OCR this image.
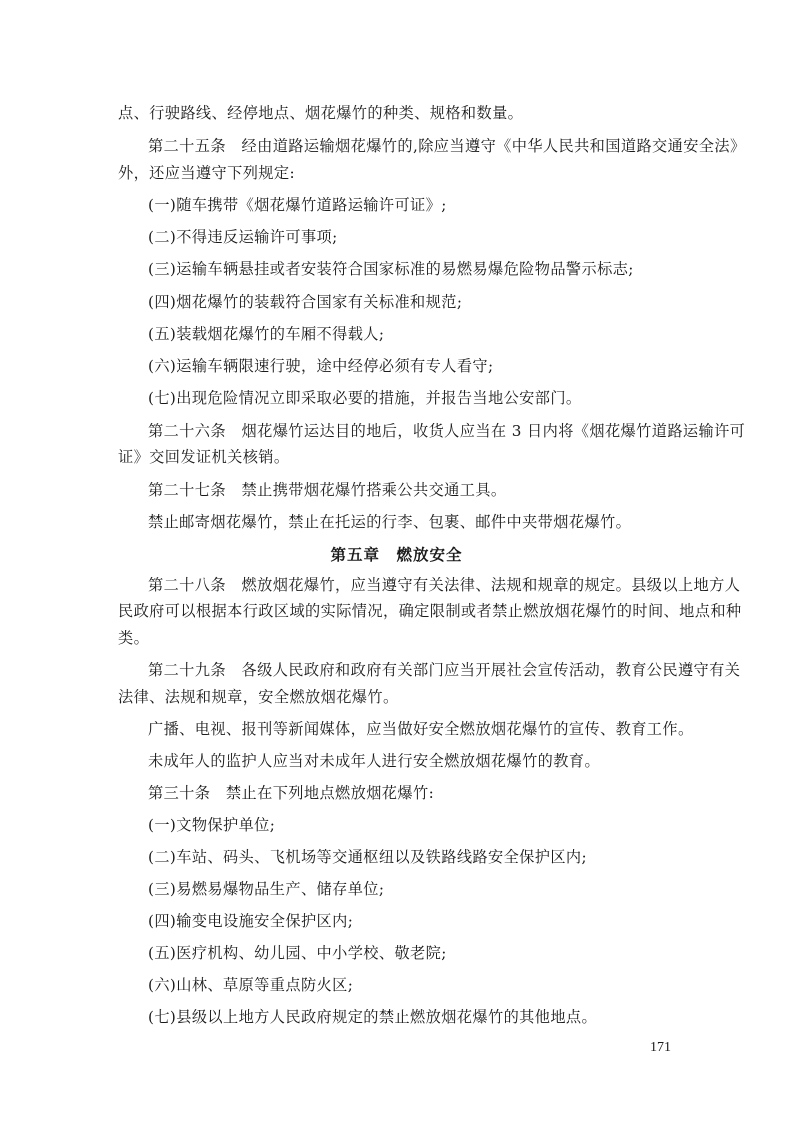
点、行驶路线、经停地点、烟花爆竹的种类、规格和数量。
第二十五条　经由道路运输烟花爆竹的,除应当遵守《中华人民共和国道路交通安全法》
外，还应当遵守下列规定:
(一)随车携带《烟花爆竹道路运输许可证》;
(二)不得违反运输许可事项;
(三)运输车辆悬挂或者安装符合国家标准的易燃易爆危险物品警示标志;
(四)烟花爆竹的装载符合国家有关标准和规范;
(五)装载烟花爆竹的车厢不得载人;
(六)运输车辆限速行驶，途中经停必须有专人看守;
(七)出现危险情况立即采取必要的措施，并报告当地公安部门。
第二十六条　烟花爆竹运达目的地后，收货人应当在 3 日内将《烟花爆竹道路运输许可
证》交回发证机关核销。
第二十七条　禁止携带烟花爆竹搭乘公共交通工具。
禁止邮寄烟花爆竹，禁止在托运的行李、包裹、邮件中夹带烟花爆竹。
第五章　燃放安全
第二十八条　燃放烟花爆竹，应当遵守有关法律、法规和规章的规定。县级以上地方人
民政府可以根据本行政区域的实际情况，确定限制或者禁止燃放烟花爆竹的时间、地点和种
类。
第二十九条　各级人民政府和政府有关部门应当开展社会宣传活动，教育公民遵守有关
法律、法规和规章，安全燃放烟花爆竹。
广播、电视、报刊等新闻媒体，应当做好安全燃放烟花爆竹的宣传、教育工作。
未成年人的监护人应当对未成年人进行安全燃放烟花爆竹的教育。
第三十条　禁止在下列地点燃放烟花爆竹:
(一)文物保护单位;
(二)车站、码头、飞机场等交通枢纽以及铁路线路安全保护区内;
(三)易燃易爆物品生产、储存单位;
(四)输变电设施安全保护区内;
(五)医疗机构、幼儿园、中小学校、敬老院;
(六)山林、草原等重点防火区;
(七)县级以上地方人民政府规定的禁止燃放烟花爆竹的其他地点。
171
